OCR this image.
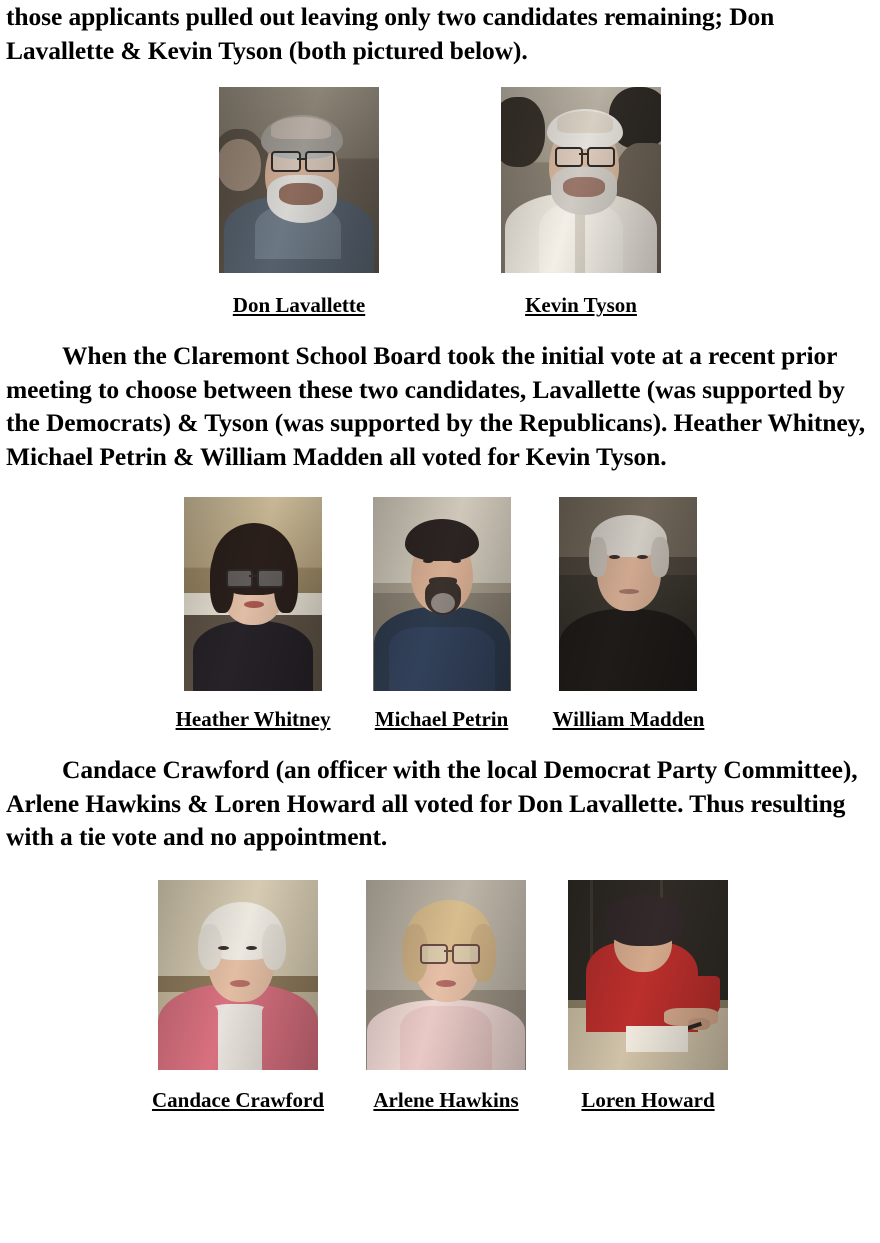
those applicants pulled out leaving only two candidates remaining; Don Lavallette & Kevin Tyson (both pictured below).

Don Lavallette	Kevin Tyson

When the Claremont School Board took the initial vote at a recent prior meeting to choose between these two candidates, Lavallette (was supported by the Democrats) & Tyson (was supported by the Republicans). Heather Whitney, Michael Petrin & William Madden all voted for Kevin Tyson.

Heather Whitney Michael Petrin William Madden

Candace Crawford (an officer with the local Democrat Party Committee), Arlene Hawkins & Loren Howard all voted for Don Lavallette. Thus resulting with a tie vote and no appointment.

Candace Crawford Arlene Hawkins	Loren Howard
